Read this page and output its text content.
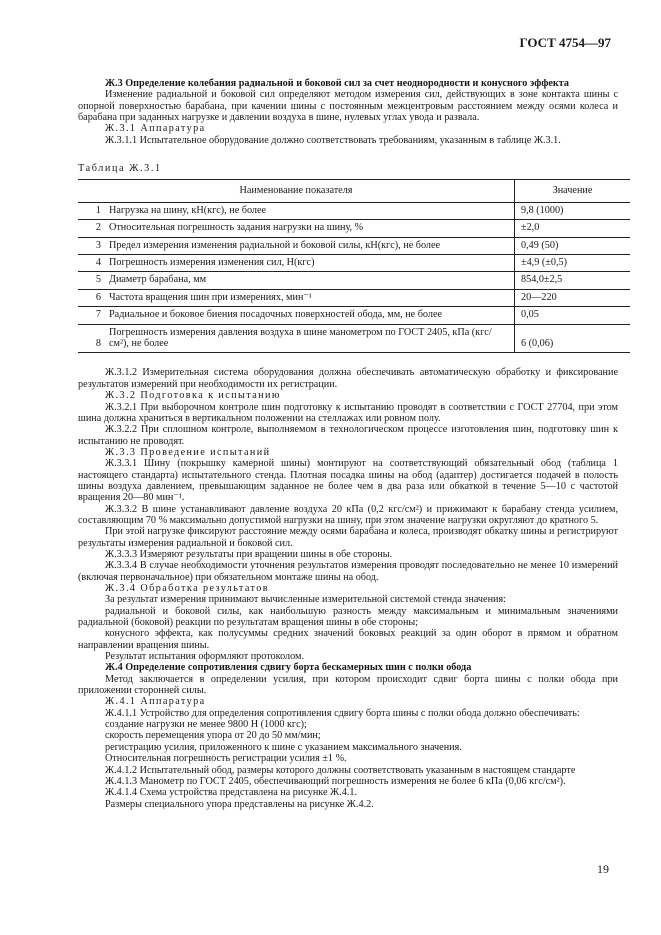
ГОСТ 4754—97

Ж.3 Определение колебания радиальной и боковой сил за счет неоднородности и конусного эффекта

Изменение радиальной и боковой сил определяют методом измерения сил, действующих в зоне контакта шины с опорной поверхностью барабана, при качении шины с постоянным межцентровым расстоянием между осями колеса и барабана при заданных нагрузке и давлении воздуха в шине, нулевых углах увода и развала.

Ж.3.1 Аппаратура

Ж.3.1.1 Испытательное оборудование должно соответствовать требованиям, указанным в таблице Ж.3.1.

Таблица Ж.3.1

Наименование показателя		Значение
1	Нагрузка на шину, кН(кгс), не более	9,8 (1000)
2	Относительная погрешность задания нагрузки на шину, %	±2,0
3	Предел измерения изменения радиальной и боковой силы, кН(кгс), не более	0,49 (50)
4	Погрешность измерения изменения сил, Н(кгс)	±4,9 (±0,5)
5	Диаметр барабана, мм	854,0±2,5
6	Частота вращения шин при измерениях, мин⁻¹	20—220
7	Радиальное и боковое биения посадочных поверхностей обода, мм, не более	0,05
8	Погрешность измерения давления воздуха в шине манометром по ГОСТ 2405, кПа (кгс/см²), не более	6 (0,06)

Ж.3.1.2 Измерительная система оборудования должна обеспечивать автоматическую обработку и фиксирование результатов измерений при необходимости их регистрации.

Ж.3.2 Подготовка к испытанию

Ж.3.2.1 При выборочном контроле шин подготовку к испытанию проводят в соответствии с ГОСТ 27704, при этом шина должна храниться в вертикальном положении на стеллажах или ровном полу.

Ж.3.2.2 При сплошном контроле, выполняемом в технологическом процессе изготовления шин, подготовку шин к испытанию не проводят.

Ж.3.3 Проведение испытаний

Ж.3.3.1 Шину (покрышку камерной шины) монтируют на соответствующий обязательный обод (таблица 1 настоящего стандарта) испытательного стенда. Плотная посадка шины на обод (адаптер) достигается подачей в полость шины воздуха давлением, превышающим заданное не более чем в два раза или обкаткой в течение 5—10 с частотой вращения 20—80 мин⁻¹.

Ж.3.3.2 В шине устанавливают давление воздуха 20 кПа (0,2 кгс/см²) и прижимают к барабану стенда усилием, составляющим 70 % максимально допустимой нагрузки на шину, при этом значение нагрузки округляют до кратного 5.

При этой нагрузке фиксируют расстояние между осями барабана и колеса, производят обкатку шины и регистрируют результаты измерения радиальной и боковой сил.

Ж.3.3.3 Измеряют результаты при вращении шины в обе стороны.

Ж.3.3.4 В случае необходимости уточнения результатов измерения проводят последовательно не менее 10 измерений (включая первоначальное) при обязательном монтаже шины на обод.

Ж.3.4 Обработка результатов

За результат измерения принимают вычисленные измерительной системой стенда значения:

радиальной и боковой силы, как наибольшую разность между максимальным и минимальным значениями радиальной (боковой) реакции по результатам вращения шины в обе стороны;

конусного эффекта, как полусуммы средних значений боковых реакций за один оборот в прямом и обратном направлении вращения шины.

Результат испытания оформляют протоколом.

Ж.4 Определение сопротивления сдвигу борта бескамерных шин с полки обода

Метод заключается в определении усилия, при котором происходит сдвиг борта шины с полки обода при приложении сторонней силы.

Ж.4.1 Аппаратура

Ж.4.1.1 Устройство для определения сопротивления сдвигу борта шины с полки обода должно обеспечивать:

создание нагрузки не менее 9800 Н (1000 кгс);

скорость перемещения упора от 20 до 50 мм/мин;

регистрацию усилия, приложенного к шине с указанием максимального значения.

Относительная погрешность регистрации усилия ±1 %.

Ж.4.1.2 Испытательный обод, размеры которого должны соответствовать указанным в настоящем стандарте

Ж.4.1.3 Манометр по ГОСТ 2405, обеспечивающий погрешность измерения не более 6 кПа (0,06 кгс/см²).

Ж.4.1.4 Схема устройства представлена на рисунке Ж.4.1.

Размеры специального упора представлены на рисунке Ж.4.2.

19
